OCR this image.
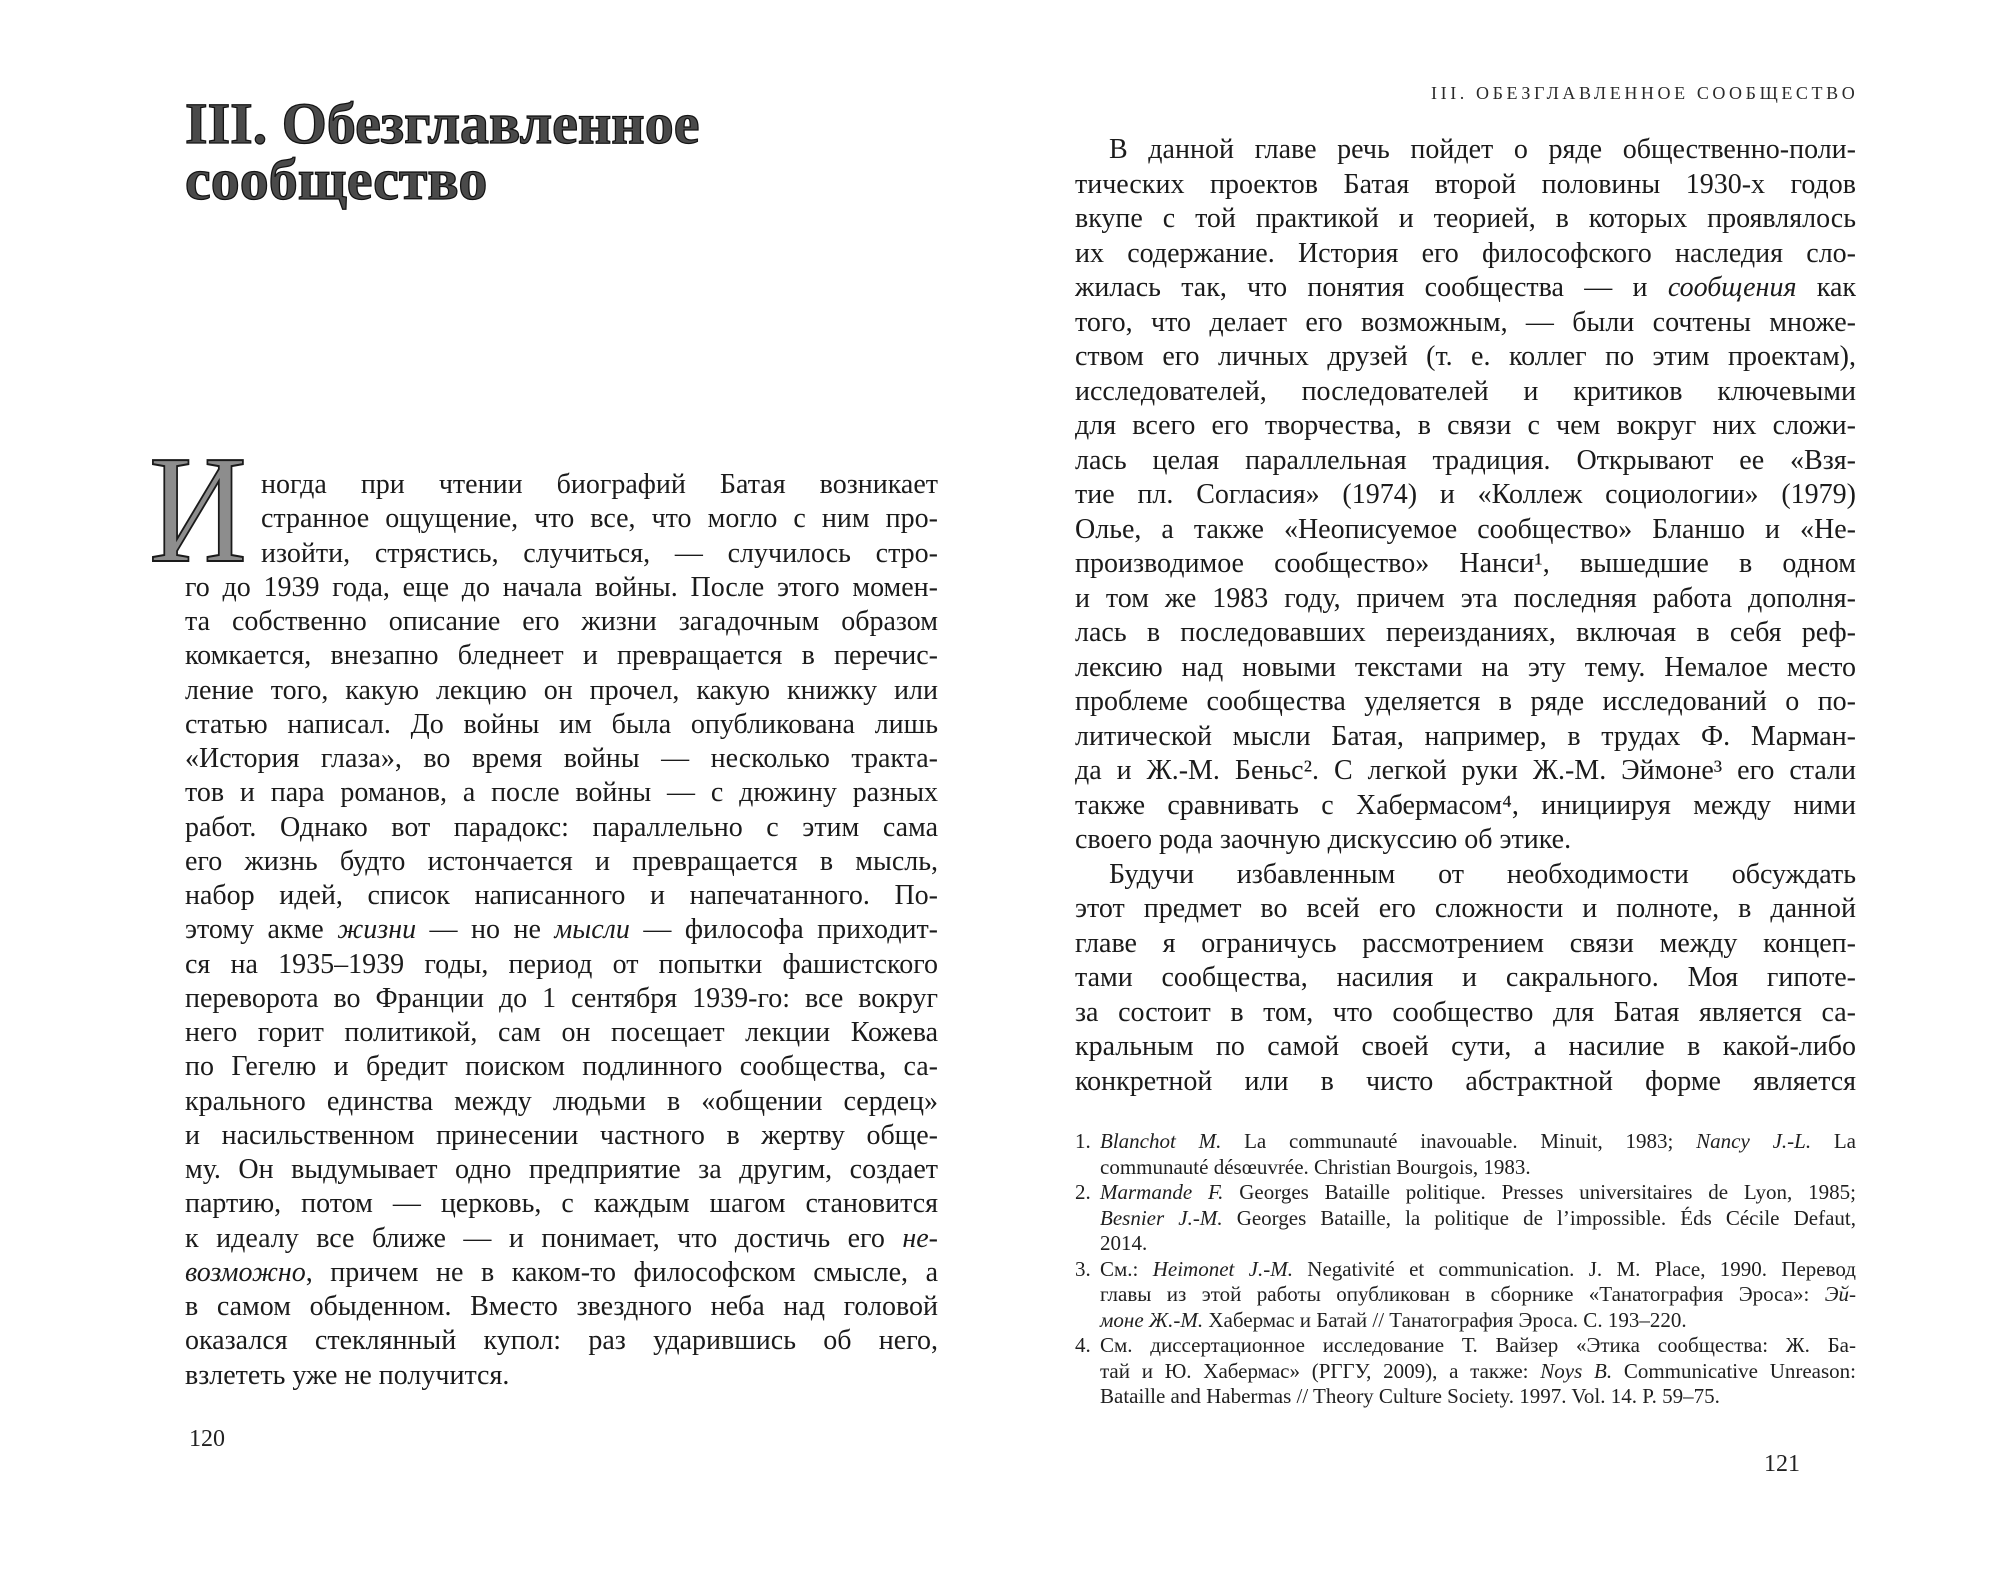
III. Обезглавленное
сообщество
И ногда при чтении биографий Батая возникает
странное ощущение, что все, что могло с ним про-
изойти, стрястись, случиться, — случилось стро-
го до 1939 года, еще до начала войны. После этого момен-
та собственно описание его жизни загадочным образом
комкается, внезапно бледнеет и превращается в перечис-
ление того, какую лекцию он прочел, какую книжку или
статью написал. До войны им была опубликована лишь
«История глаза», во время войны — несколько тракта-
тов и пара романов, а после войны — с дюжину разных
работ. Однако вот парадокс: параллельно с этим сама
его жизнь будто истончается и превращается в мысль,
набор идей, список написанного и напечатанного. По-
этому акме жизни — но не мысли — философа приходит-
ся на 1935–1939 годы, период от попытки фашистского
переворота во Франции до 1 сентября 1939-го: все вокруг
него горит политикой, сам он посещает лекции Кожева
по Гегелю и бредит поиском подлинного сообщества, са-
крального единства между людьми в «общении сердец»
и насильственном принесении частного в жертву обще-
му. Он выдумывает одно предприятие за другим, создает
партию, потом — церковь, с каждым шагом становится
к идеалу все ближе — и понимает, что достичь его не-
возможно, причем не в каком-то философском смысле, а
в самом обыденном. Вместо звездного неба над головой
оказался стеклянный купол: раз ударившись об него,
взлететь уже не получится.
120
III. ОБЕЗГЛАВЛЕННОЕ СООБЩЕСТВО
В данной главе речь пойдет о ряде общественно-поли-
тических проектов Батая второй половины 1930-х годов
вкупе с той практикой и теорией, в которых проявлялось
их содержание. История его философского наследия сло-
жилась так, что понятия сообщества — и сообщения как
того, что делает его возможным, — были сочтены множе-
ством его личных друзей (т. е. коллег по этим проектам),
исследователей, последователей и критиков ключевыми
для всего его творчества, в связи с чем вокруг них сложи-
лась целая параллельная традиция. Открывают ее «Взя-
тие пл. Согласия» (1974) и «Коллеж социологии» (1979)
Олье, а также «Неописуемое сообщество» Бланшо и «Не-
производимое сообщество» Нанси¹, вышедшие в одном
и том же 1983 году, причем эта последняя работа дополня-
лась в последовавших переизданиях, включая в себя реф-
лексию над новыми текстами на эту тему. Немалое место
проблеме сообщества уделяется в ряде исследований о по-
литической мысли Батая, например, в трудах Ф. Марман-
да и Ж.-М. Беньс². С легкой руки Ж.-М. Эймоне³ его стали
также сравнивать с Хабермасом⁴, инициируя между ними
своего рода заочную дискуссию об этике.
Будучи избавленным от необходимости обсуждать
этот предмет во всей его сложности и полноте, в данной
главе я ограничусь рассмотрением связи между концеп-
тами сообщества, насилия и сакрального. Моя гипоте-
за состоит в том, что сообщество для Батая является са-
кральным по самой своей сути, а насилие в какой-либо
конкретной или в чисто абстрактной форме является
1. Blanchot M. La communauté inavouable. Minuit, 1983; Nancy J.-L. La
communauté désœuvrée. Christian Bourgois, 1983.
2. Marmande F. Georges Bataille politique. Presses universitaires de Lyon, 1985;
Besnier J.-M. Georges Bataille, la politique de l’impossible. Éds Cécile Defaut,
2014.
3. См.: Heimonet J.-M. Negativité et communication. J. M. Place, 1990. Перевод
главы из этой работы опубликован в сборнике «Танатография Эроса»: Эй-
моне Ж.-М. Хабермас и Батай // Танатография Эроса. С. 193–220.
4. См. диссертационное исследование Т. Вайзер «Этика сообщества: Ж. Ба-
тай и Ю. Хабермас» (РГГУ, 2009), а также: Noys B. Communicative Unreason:
Bataille and Habermas // Theory Culture Society. 1997. Vol. 14. P. 59–75.
121
